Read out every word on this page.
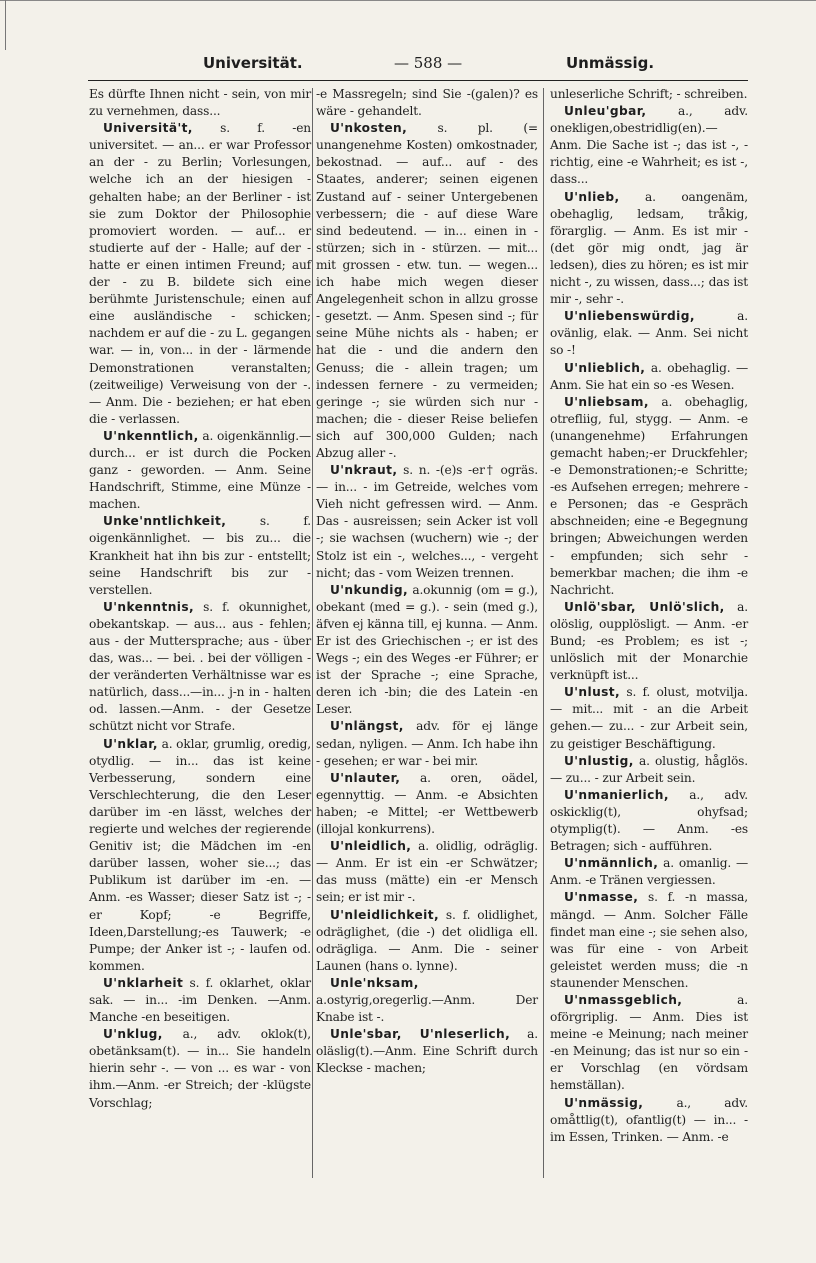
Universität.	— 588 —	Unmässig.

Es dürfte Ihnen nicht - sein, von mir zu vernehmen, dass...

Universitä't, s. f. -en universitet. — an... er war Professor an der - zu Berlin; Vorlesungen, welche ich an der hiesigen - gehalten habe; an der Berliner - ist sie zum Doktor der Philosophie promoviert worden. — auf... er studierte auf der - Halle; auf der - hatte er einen intimen Freund; auf der - zu B. bildete sich eine berühmte Juristenschule; einen auf eine ausländische - schicken; nachdem er auf die - zu L. gegangen war. — in, von... in der - lärmende Demonstrationen veranstalten; (zeitweilige) Verweisung von der -. — Anm. Die - beziehen; er hat eben die - verlassen.

U'nkenntlich, a. oigenkännlig.— durch... er ist durch die Pocken ganz - geworden. — Anm. Seine Handschrift, Stimme, eine Münze - machen.

Unke'nntlichkeit, s. f. oigenkännlighet. — bis zu... die Krankheit hat ihn bis zur - entstellt; seine Handschrift bis zur - verstellen.

U'nkenntnis, s. f. okunnighet, obekantskap. — aus... aus - fehlen; aus - der Muttersprache; aus - über das, was... — bei. . bei der völligen - der veränderten Verhältnisse war es natürlich, dass...—in... j-n in - halten od. lassen.—Anm. - der Gesetze schützt nicht vor Strafe.

U'nklar, a. oklar, grumlig, oredig, otydlig. — in... das ist keine Verbesserung, sondern eine Verschlechterung, die den Leser darüber im -en lässt, welches der regierte und welches der regierende Genitiv ist; die Mädchen im -en darüber lassen, woher sie...; das Publikum ist darüber im -en. — Anm. -es Wasser; dieser Satz ist -; -er Kopf; -e Begriffe, Ideen,Darstellung;-es Tauwerk; -e Pumpe; der Anker ist -; - laufen od. kommen.

U'nklarheit s. f. oklarhet, oklar sak. — in... -im Denken. —Anm. Manche -en beseitigen.

U'nklug, a., adv. oklok(t), obetänksam(t). — in... Sie handeln hierin sehr -. — von ... es war - von ihm.—Anm. -er Streich; der -klügste Vorschlag;

-e Massregeln; sind Sie -(galen)? es wäre - gehandelt.

U'nkosten, s. pl. (= unangenehme Kosten) omkostnader, bekostnad. — auf... auf - des Staates, anderer; seinen eigenen Zustand auf - seiner Untergebenen verbessern; die - auf diese Ware sind bedeutend. — in... einen in - stürzen; sich in - stürzen. — mit... mit grossen - etw. tun. — wegen... ich habe mich wegen dieser Angelegenheit schon in allzu grosse - gesetzt. — Anm. Spesen sind -; für seine Mühe nichts als - haben; er hat die - und die andern den Genuss; die - allein tragen; um indessen fernere - zu vermeiden; geringe -; sie würden sich nur - machen; die - dieser Reise beliefen sich auf 300,000 Gulden; nach Abzug aller -.

U'nkraut, s. n. -(e)s -er† ogräs. — in... - im Getreide, welches vom Vieh nicht gefressen wird. — Anm. Das - ausreissen; sein Acker ist voll -; sie wachsen (wuchern) wie -; der Stolz ist ein -, welches..., - vergeht nicht; das - vom Weizen trennen.

U'nkundig, a.okunnig (om = g.), obekant (med = g.). - sein (med g.), äfven ej känna till, ej kunna. — Anm. Er ist des Griechischen -; er ist des Wegs -; ein des Weges -er Führer; er ist der Sprache -; eine Sprache, deren ich -bin; die des Latein -en Leser.

U'nlängst, adv. för ej länge sedan, nyligen. — Anm. Ich habe ihn - gesehen; er war - bei mir.

U'nlauter, a. oren, oädel, egennyttig. — Anm. -e Absichten haben; -e Mittel; -er Wettbewerb (illojal konkurrens).

U'nleidlich, a. olidlig, odräglig. — Anm. Er ist ein -er Schwätzer; das muss (mätte) ein -er Mensch sein; er ist mir -.

U'nleidlichkeit, s. f. olidlighet, odräglighet, (die -) det olidliga ell. odrägliga. — Anm. Die - seiner Launen (hans o. lynne).

Unle'nksam, a.ostyrig,oregerlig.—Anm. Der Knabe ist -.

Unle'sbar, U'nleserlich, a. oläslig(t).—Anm. Eine Schrift durch Kleckse - machen;

unleserliche Schrift; - schreiben.

Unleu'gbar, a., adv. onekligen,obestridlig(en).— Anm. Die Sache ist -; das ist -, - richtig, eine -e Wahrheit; es ist -, dass...

U'nlieb, a. oangenäm, obehaglig, ledsam, tråkig, förarglig. — Anm. Es ist mir - (det gör mig ondt, jag är ledsen), dies zu hören; es ist mir nicht -, zu wissen, dass...; das ist mir -, sehr -.

U'nliebenswürdig, a. ovänlig, elak. — Anm. Sei nicht so -!

U'nlieblich, a. obehaglig. — Anm. Sie hat ein so -es Wesen.

U'nliebsam, a. obehaglig, otrefliig, ful, stygg. — Anm. -e (unangenehme) Erfahrungen gemacht haben;-er Druckfehler; -e Demonstrationen;-e Schritte; -es Aufsehen erregen; mehrere -e Personen; das -e Gespräch abschneiden; eine -e Begegnung bringen; Abweichungen werden - empfunden; sich sehr - bemerkbar machen; die ihm -e Nachricht.

Unlö'sbar, Unlö'slich, a. olöslig, oupplösligt. — Anm. -er Bund; -es Problem; es ist -; unlöslich mit der Monarchie verknüpft ist...

U'nlust, s. f. olust, motvilja. — mit... mit - an die Arbeit gehen.— zu... - zur Arbeit sein, zu geistiger Beschäftigung.

U'nlustig, a. olustig, håglös. — zu... - zur Arbeit sein.

U'nmanierlich, a., adv. oskicklig(t), ohyfsad; otymplig(t). — Anm. -es Betragen; sich - aufführen.

U'nmännlich, a. omanlig. — Anm. -e Tränen vergiessen.

U'nmasse, s. f. -n massa, mängd. — Anm. Solcher Fälle findet man eine -; sie sehen also, was für eine - von Arbeit geleistet werden muss; die -n staunender Menschen.

U'nmassgeblich, a. oförgriplig. — Anm. Dies ist meine -e Meinung; nach meiner -en Meinung; das ist nur so ein -er Vorschlag (en vördsam hemställan).

U'nmässig, a., adv. omåttlig(t), ofantlig(t) — in... - im Essen, Trinken. — Anm. -e
